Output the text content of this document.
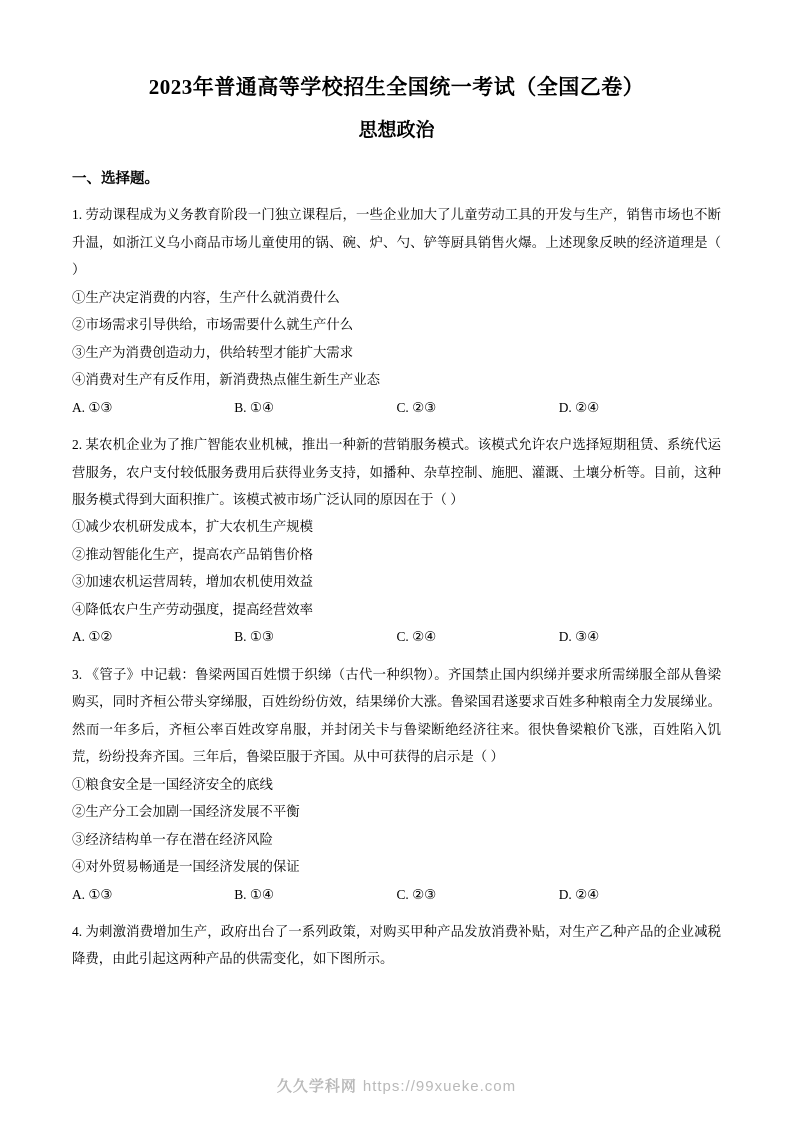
2023年普通高等学校招生全国统一考试（全国乙卷）
思想政治
一、选择题。

1. 劳动课程成为义务教育阶段一门独立课程后，一些企业加大了儿童劳动工具的开发与生产，销售市场也不断升温，如浙江义乌小商品市场儿童使用的锅、碗、炉、勺、铲等厨具销售火爆。上述现象反映的经济道理是（ ）

①生产决定消费的内容，生产什么就消费什么

②市场需求引导供给，市场需要什么就生产什么

③生产为消费创造动力，供给转型才能扩大需求

④消费对生产有反作用，新消费热点催生新生产业态

A. ①③	B. ①④	C. ②③	D. ②④

2. 某农机企业为了推广智能农业机械，推出一种新的营销服务模式。该模式允许农户选择短期租赁、系统代运营服务，农户支付较低服务费用后获得业务支持，如播种、杂草控制、施肥、灌溉、土壤分析等。目前，这种服务模式得到大面积推广。该模式被市场广泛认同的原因在于（ ）

①减少农机研发成本，扩大农机生产规模

②推动智能化生产，提高农产品销售价格

③加速农机运营周转，增加农机使用效益

④降低农户生产劳动强度，提高经营效率

A. ①②	B. ①③	C. ②④	D. ③④

3. 《管子》中记载：鲁梁两国百姓惯于织绨（古代一种织物）。齐国禁止国内织绨并要求所需绨服全部从鲁梁购买，同时齐桓公带头穿绨服，百姓纷纷仿效，结果绨价大涨。鲁梁国君遂要求百姓多种粮南全力发展绨业。然而一年多后，齐桓公率百姓改穿帛服，并封闭关卡与鲁梁断绝经济往来。很快鲁梁粮价飞涨，百姓陷入饥荒，纷纷投奔齐国。三年后，鲁梁臣服于齐国。从中可获得的启示是（ ）

①粮食安全是一国经济安全的底线

②生产分工会加剧一国经济发展不平衡

③经济结构单一存在潜在经济风险

④对外贸易畅通是一国经济发展的保证

A. ①③	B. ①④	C. ②③	D. ②④

4. 为刺激消费增加生产，政府出台了一系列政策，对购买甲种产品发放消费补贴，对生产乙种产品的企业减税降费，由此引起这两种产品的供需变化，如下图所示。

久久学科网 https://99xueke.com
